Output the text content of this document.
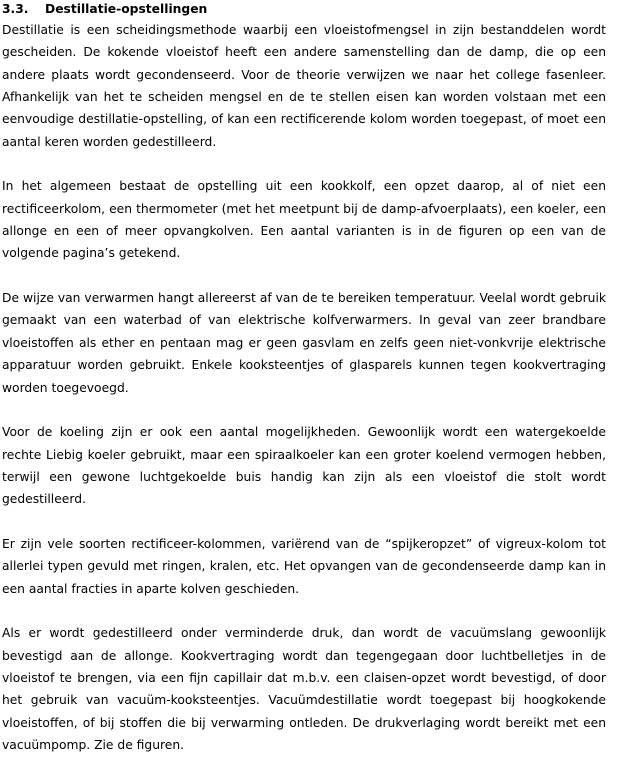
3.3.	Destillatie-opstellingen

Destillatie is een scheidingsmethode waarbij een vloeistofmengsel in zijn bestanddelen wordt gescheiden. De kokende vloeistof heeft een andere samenstelling dan de damp, die op een andere plaats wordt gecondenseerd. Voor de theorie verwijzen we naar het college fasenleer. Afhankelijk van het te scheiden mengsel en de te stellen eisen kan worden volstaan met een eenvoudige destillatie-opstelling, of kan een rectificerende kolom worden toegepast, of moet een aantal keren worden gedestilleerd.

In het algemeen bestaat de opstelling uit een kookkolf, een opzet daarop, al of niet een rectificeerkolom, een thermometer (met het meetpunt bij de damp-afvoerplaats), een koeler, een allonge en een of meer opvangkolven. Een aantal varianten is in de figuren op een van de volgende pagina’s getekend.

De wijze van verwarmen hangt allereerst af van de te bereiken temperatuur. Veelal wordt gebruik gemaakt van een waterbad of van elektrische kolfverwarmers. In geval van zeer brandbare vloeistoffen als ether en pentaan mag er geen gasvlam en zelfs geen niet-vonkvrije elektrische apparatuur worden gebruikt. Enkele kooksteentjes of glasparels kunnen tegen kookvertraging worden toegevoegd.

Voor de koeling zijn er ook een aantal mogelijkheden. Gewoonlijk wordt een watergekoelde rechte Liebig koeler gebruikt, maar een spiraalkoeler kan een groter koelend vermogen hebben, terwijl een gewone luchtgekoelde buis handig kan zijn als een vloeistof die stolt wordt gedestilleerd.

Er zijn vele soorten rectificeer-kolommen, variërend van de “spijkeropzet” of vigreux-kolom tot allerlei typen gevuld met ringen, kralen, etc. Het opvangen van de gecondenseerde damp kan in een aantal fracties in aparte kolven geschieden.

Als er wordt gedestilleerd onder verminderde druk, dan wordt de vacuümslang gewoonlijk bevestigd aan de allonge. Kookvertraging wordt dan tegengegaan door luchtbelletjes in de vloeistof te brengen, via een fijn capillair dat m.b.v. een claisen-opzet wordt bevestigd, of door het gebruik van vacuüm-kooksteentjes. Vacuümdestillatie wordt toegepast bij hoogkokende vloeistoffen, of bij stoffen die bij verwarming ontleden. De drukverlaging wordt bereikt met een vacuümpomp. Zie de figuren.
